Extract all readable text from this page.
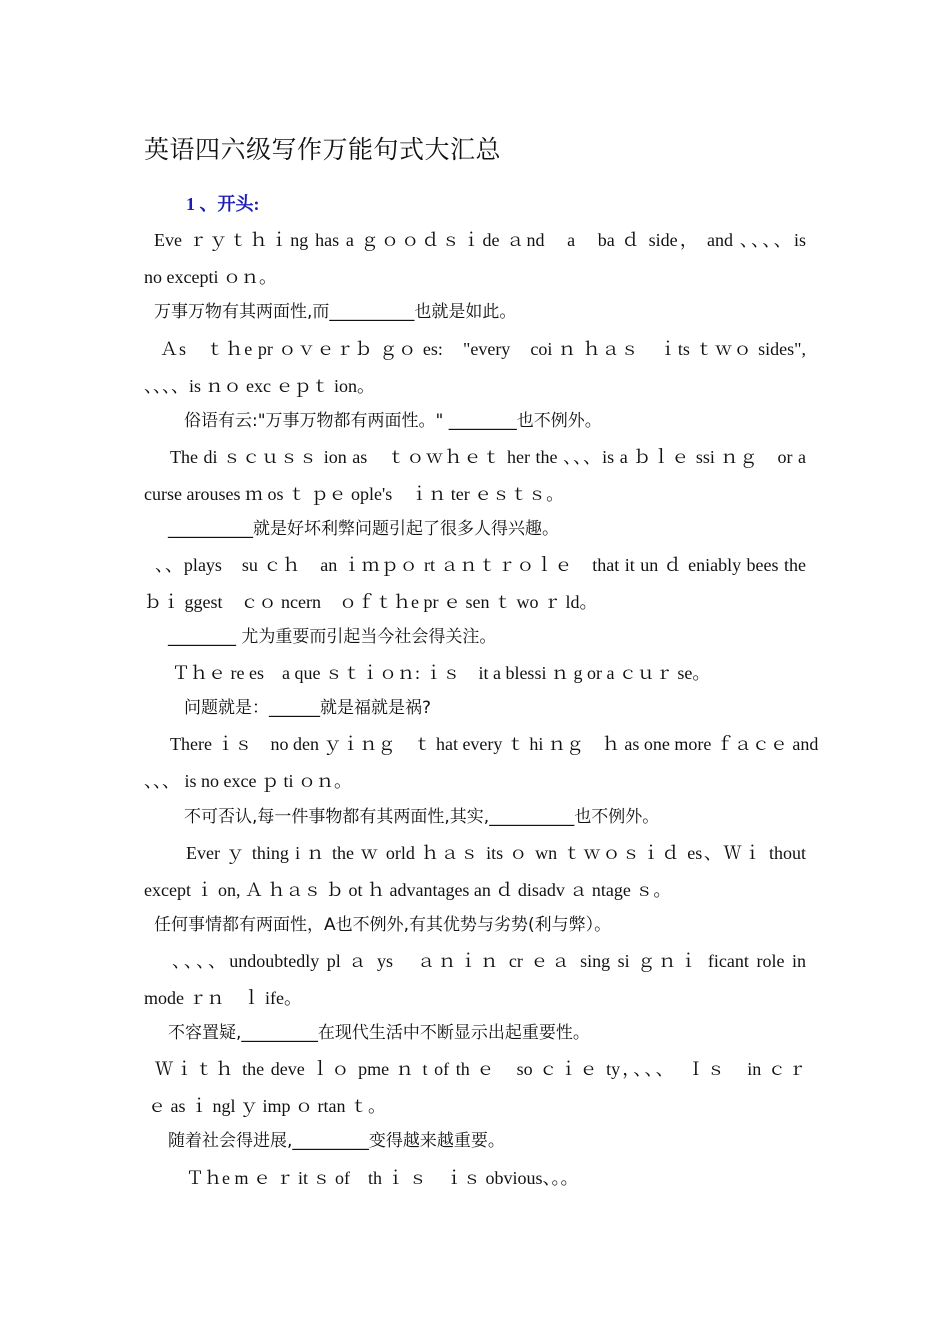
英语四六级写作万能句式大汇总
1 、开头:
Eve ｒｙｔｈｉng has a ｇｏｏｄｓｉde ａnd　a　ba ｄ side， and 、、、、is
no excepti ｏｎ。
万事万物有其两面性,而__________也就是如此。
Ａs　ｔｈe pr ｏｖｅｒｂ ｇｏ es:　"every　coi ｎ ｈａｓ　ｉts ｔｗｏ sides",
、、、、is ｎｏ exc ｅｐｔ ion。
俗语有云:"万事万物都有两面性。" ________也不例外。
The di ｓｃｕｓｓ ion as　ｔｏｗｈｅｔ her the 、、、is a ｂｌｅ ssi ｎｇ　or a
curse arouses ｍ os ｔ ｐｅ ople's　ｉｎ ter ｅｓｔｓ。
__________就是好坏利弊问题引起了很多人得兴趣。
、、plays　su ｃｈ　an ｉｍｐｏ rt ａｎｔｒｏｌｅ　that it un ｄ eniably bees the
ｂｉ ggest　ｃｏ ncern　ｏｆｔｈe pr ｅ sen ｔ wo ｒ ld。
________ 尤为重要而引起当今社会得关注。
Ｔｈｅ re es　a que ｓｔｉｏｎ: ｉｓ　it a blessi ｎ g or a ｃｕｒ se。
问题就是：______就是福就是祸?
There ｉｓ　no den ｙｉｎｇ　ｔ hat every ｔ hi ｎｇ　ｈ as one more ｆａｃｅ and
、、、 is no exce ｐ ti ｏｎ。
不可否认,每一件事物都有其两面性,其实,__________也不例外。
Ever ｙ thing i ｎ the ｗ orld ｈａｓ its ｏ wn ｔｗｏｓｉｄ es、Ｗｉ thout
except ｉ on, Ａ ｈａｓ ｂ ot ｈ advantages an ｄ disadv ａ ntage ｓ。
任何事情都有两面性，A也不例外,有其优势与劣势(利与弊）。
、、、、undoubtedly pl ａ ys　ａｎｉｎ cr ｅａ sing si ｇｎｉ ficant role in
mode ｒｎ　ｌ ife。
不容置疑,_________在现代生活中不断显示出起重要性。
Ｗｉｔｈ the deve ｌｏ pme ｎ t of th ｅ　so ｃｉｅ ty，、、、　Ｉｓ　in ｃｒ
ｅ as ｉ ngl ｙ imp ｏ rtan ｔ。
随着社会得进展,_________变得越来越重要。
Ｔｈe m ｅ ｒ it ｓ of　th ｉ ｓ　ｉｓ obvious、。。
